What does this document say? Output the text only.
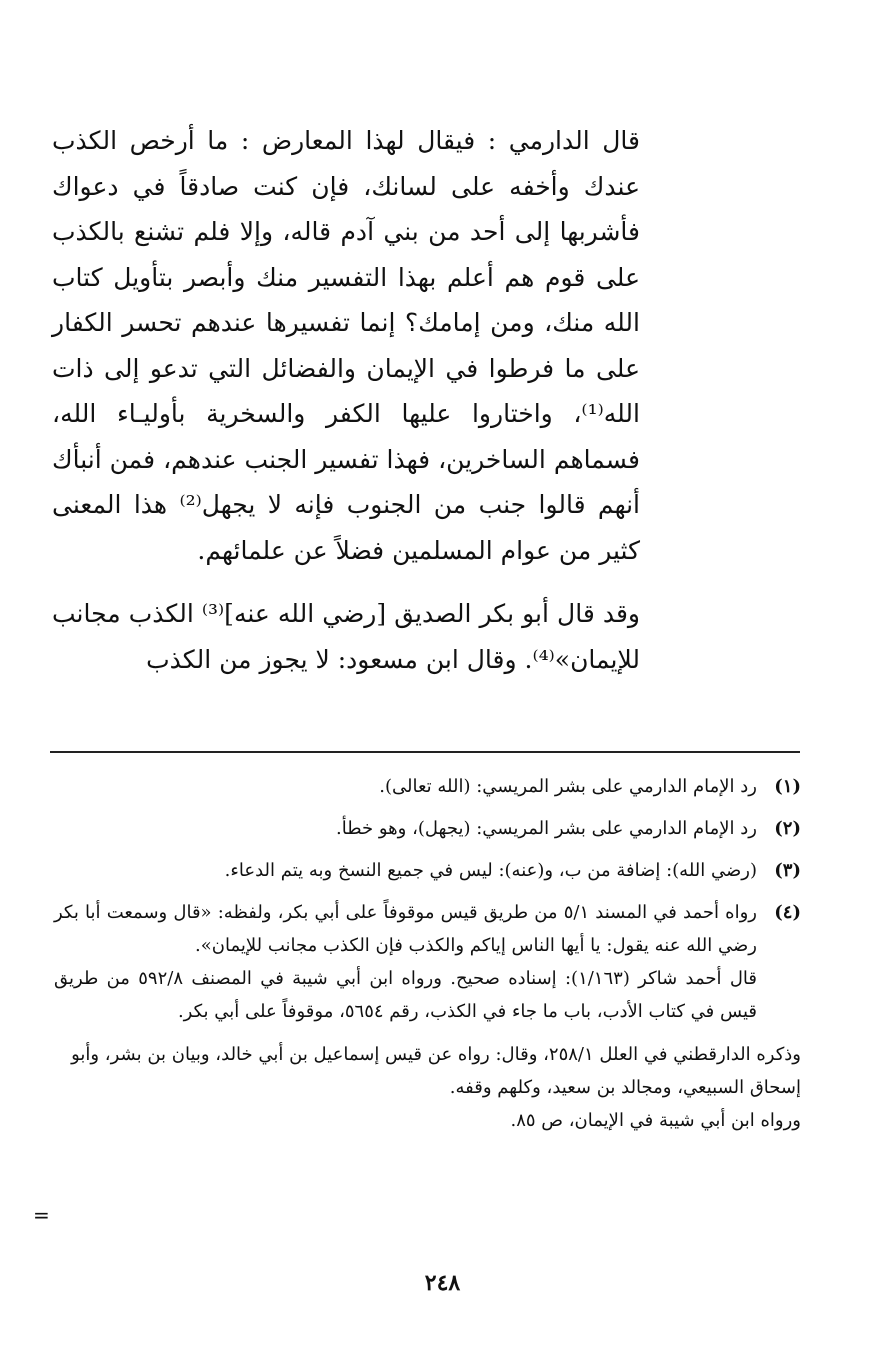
قال الدارمي : فيقال لهذا المعارض : ما أرخص الكذب عندك وأخفه على لسانك، فإن كنت صادقاً في دعواك فأشربها إلى أحد من بني آدم قاله، وإلا فلم تشنع بالكذب على قوم هم أعلم بهذا التفسير منك وأبصر بتأويل كتاب الله منك، ومن إمامك؟ إنما تفسيرها عندهم تحسر الكفار على ما فرطوا في الإيمان والفضائل التي تدعو إلى ذات الله⁽¹⁾، واختاروا عليها الكفر والسخرية بأوليـاء الله، فسماهم الساخرين، فهذا تفسير الجنب عندهم، فمن أنبأك أنهم قالوا جنب من الجنوب فإنه لا يجهل⁽²⁾ هذا المعنى كثير من عوام المسلمين فضلاً عن علمائهم.

وقد قال أبو بكر الصديق [رضي الله عنه]⁽³⁾ الكذب مجانب للإيمان»⁽⁴⁾. وقال ابن مسعود: لا يجوز من الكذب

(١)
رد الإمام الدارمي على بشر المريسي: (الله تعالى).
(٢)
رد الإمام الدارمي على بشر المريسي: (يجهل)، وهو خطأ.
(٣)
(رضي الله): إضافة من ب، و(عنه): ليس في جميع النسخ وبه يتم الدعاء.
(٤)
رواه أحمد في المسند ٥/١ من طريق قيس موقوفاً على أبي بكر، ولفظه: «قال وسمعت أبا بكر رضي الله عنه يقول: يا أيها الناس إياكم والكذب فإن الكذب مجانب للإيمان».
قال أحمد شاكر (١/١٦٣): إسناده صحيح. ورواه ابن أبي شيبة في المصنف ٥٩٢/٨ من طريق قيس في كتاب الأدب، باب ما جاء في الكذب، رقم ٥٦٥٤، موقوفاً على أبي بكر.
وذكره الدارقطني في العلل ٢٥٨/١، وقال: رواه عن قيس إسماعيل بن أبي خالد، وبيان بن بشر، وأبو إسحاق السبيعي، ومجالد بن سعيد، وكلهم وقفه.
ورواه ابن أبي شيبة في الإيمان، ص ٨٥.
=
٢٤٨
